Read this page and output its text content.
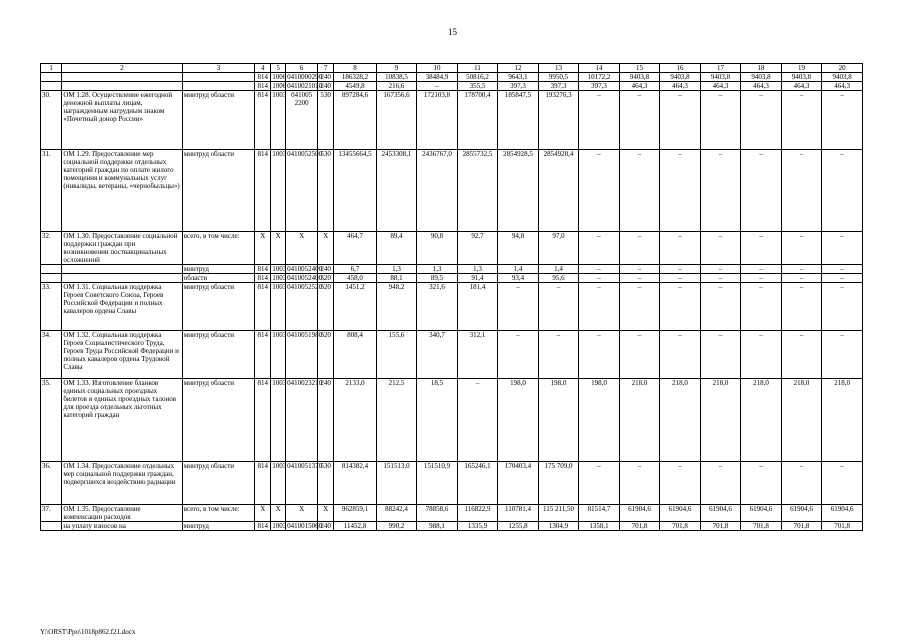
15
1	2	3	4	5	6	7	8	9	10	11	12	13	14	15	16	17	18	19	20
			814	1006	0410000290	240	186328,2	10838,5	38484,9	50816,2	9643,1	9950,5	10172,2	9403,8	9403,8	9403,8	9403,8	9403,8	9403,8
			814	1006	0410021010	240	4549,8	216,6	–	355,5	397,3	397,3	397,3	464,3	464,3	464,3	464,3	464,3	464,3
30.	ОМ 1.28. Осуществление ежегодной денежной выплаты лицам, награжденным нагрудным знаком «Почетный донор России»	минтруд области	814	1003	041005 2200	530	897284,6	167356,6	172103,8	178700,4	185847,5	193276,3	–	–	–	–	–	–	–
31.	ОМ 1.29. Предоставление мер социальной поддержки отдельных категорий граждан по оплате жилого помещения и коммунальных услуг (инвалиды, ветераны, «чернобыльцы»)	минтруд области	814	1003	0410052500	530	13455664,5	2453308,1	2436767,0	2855732,5	2854928,5	2854928,4	–	–	–	–	–	–	–
32.	ОМ 1.30. Предоставление социальной поддержки граждан при возникновении поствакцинальных осложнений	всего, в том числе:	X	X	X	X	464,7	89,4	90,8	92,7	94,8	97,0	–	–	–	–	–	–	–
		минтруд	814	1003	0410052400	240	6,7	1,3	1,3	1,3	1,4	1,4	–	–	–	–	–	–	–
		области	814	1003	0410052400	320	458,0	88,1	89,5	91,4	93,4	95,6	–	–	–	–	–	–	–
33.	ОМ 1.31. Социальная поддержка Героев Советского Союза, Героев Российской Федерации и полных кавалеров ордена Славы	минтруд области	814	1003	0410052520	320	1451,2	948,2	321,6	181,4	–	–	–	–	–	–	–	–	–
34.	ОМ 1.32. Социальная поддержка Героев Социалистического Труда, Героев Труда Российской Федерации и полных кавалеров ордена Трудовой Славы	минтруд области	814	1003	0410051980	320	808,4	155,6	340,7	312,1	–	–	–	–	–	–	–	–	–
35.	ОМ 1.33. Изготовление бланков единых социальных проездных билетов и единых проездных талонов для проезда отдельных льготных категорий граждан	минтруд области	814	1003	0410023210	240	2133,0	212,5	18,5	–	198,0	198,0	198,0	218,0	218,0	218,0	218,0	218,0	218,0
36.	ОМ 1.34. Предоставление отдельных мер социальной поддержки граждан, подвергшихся воздействию радиации	минтруд области	814	1003	0410051370	530	814382,4	151513,0	151510,9	165246,1	170403,4	175 709,0	–	–	–	–	–	–	–
37.	ОМ 1.35. Предоставление компенсации расходов	всего, в том числе:	X	X	X	X	962859,1	88242,4	78858,6	116822,9	110781,4	115 211,50	81514,7	61904,6	61904,6	61904,6	61904,6	61904,6	61904,6
	на уплату взносов на	минтруд	814	1003	0410015060	240	11452,8	990,2	988,1	1335,9	1255,8	1304,9	1358,1	701,8	701,8	701,8	701,8	701,8	701,8
Y:\ORST\Ppo\1018p862.f21.docx
